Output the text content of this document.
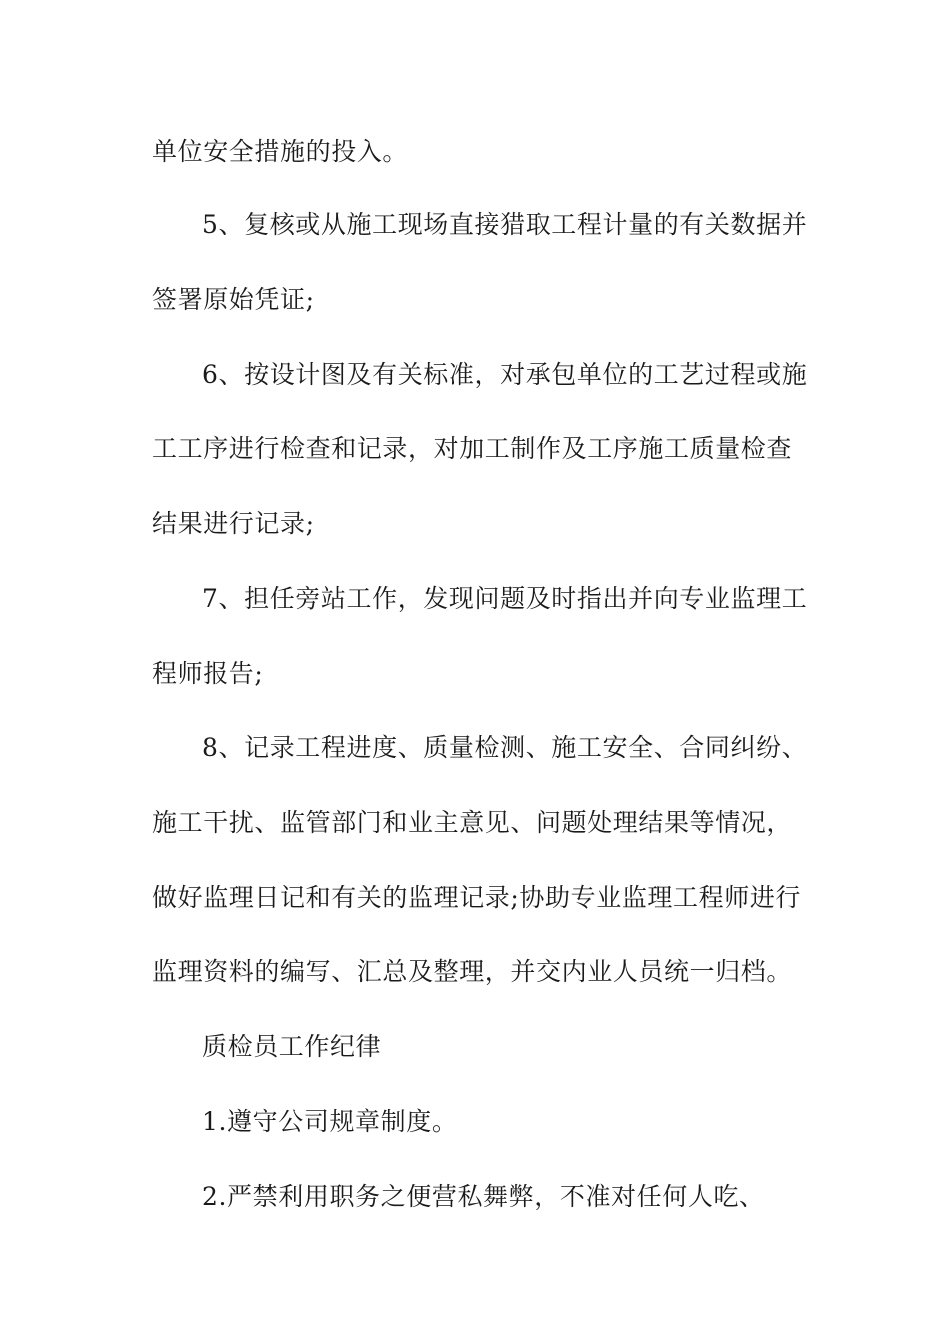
单位安全措施的投入。

5、复核或从施工现场直接猎取工程计量的有关数据并

签署原始凭证;

6、按设计图及有关标准，对承包单位的工艺过程或施

工工序进行检查和记录，对加工制作及工序施工质量检查

结果进行记录;

7、担任旁站工作，发现问题及时指出并向专业监理工

程师报告;

8、记录工程进度、质量检测、施工安全、合同纠纷、

施工干扰、监管部门和业主意见、问题处理结果等情况，

做好监理日记和有关的监理记录;协助专业监理工程师进行

监理资料的编写、汇总及整理，并交内业人员统一归档。

质检员工作纪律

1.遵守公司规章制度。

2.严禁利用职务之便营私舞弊，不准对任何人吃、
